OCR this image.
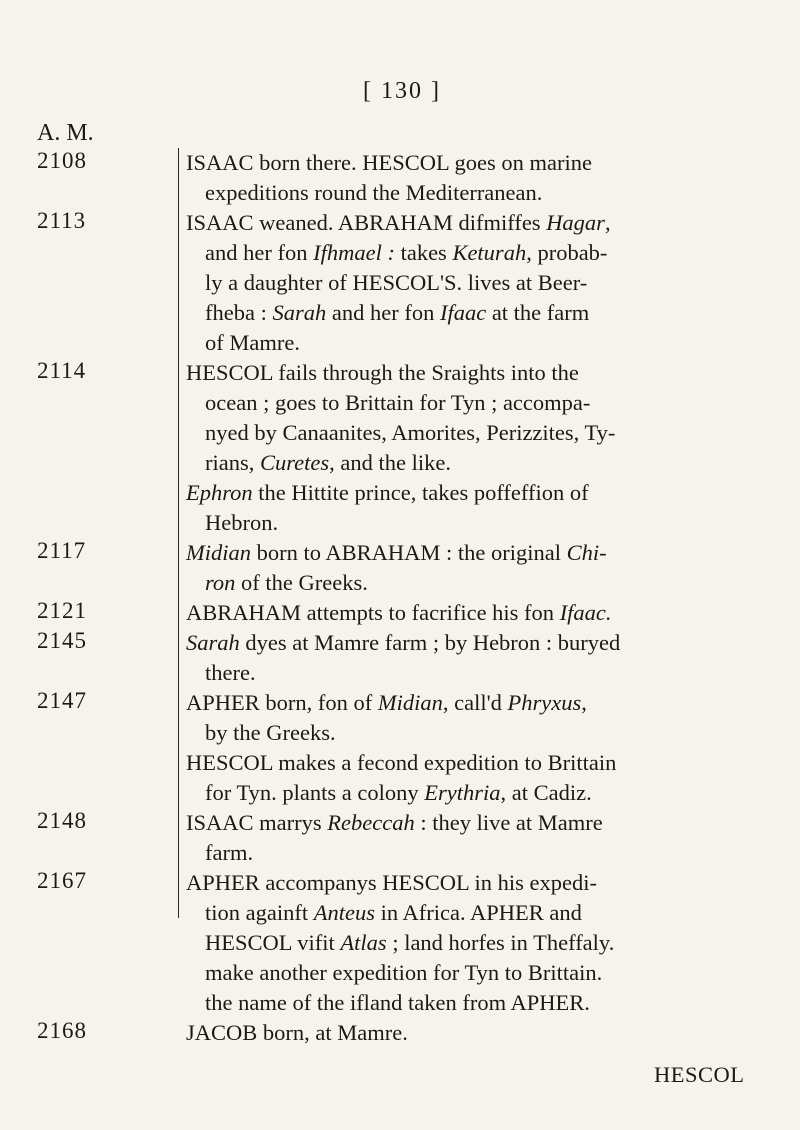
[ 130 ]
A. M.
2108
2113
2114
2117
2121
2145
2147
2148
2167
2168
ISAAC born there. HESCOL goes on marine
expeditions round the Mediterranean.
ISAAC weaned. ABRAHAM difmiffes Hagar,
and her fon Ifhmael : takes Keturah, probab-
ly a daughter of HESCOL'S. lives at Beer-
fheba : Sarah and her fon Ifaac at the farm
of Mamre.
HESCOL fails through the Sraights into the
ocean ; goes to Brittain for Tyn ; accompa-
nyed by Canaanites, Amorites, Perizzites, Ty-
rians, Curetes, and the like.
Ephron the Hittite prince, takes poffeffion of
Hebron.
Midian born to ABRAHAM : the original Chi-
ron of the Greeks.
ABRAHAM attempts to facrifice his fon Ifaac.
Sarah dyes at Mamre farm ; by Hebron : buryed
there.
APHER born, fon of Midian, call'd Phryxus,
by the Greeks.
HESCOL makes a fecond expedition to Brittain
for Tyn. plants a colony Erythria, at Cadiz.
ISAAC marrys Rebeccah : they live at Mamre
farm.
APHER accompanys HESCOL in his expedi-
tion againft Anteus in Africa. APHER and
HESCOL vifit Atlas ; land horfes in Theffaly.
make another expedition for Tyn to Brittain.
the name of the ifland taken from APHER.
JACOB born, at Mamre.
HESCOL
